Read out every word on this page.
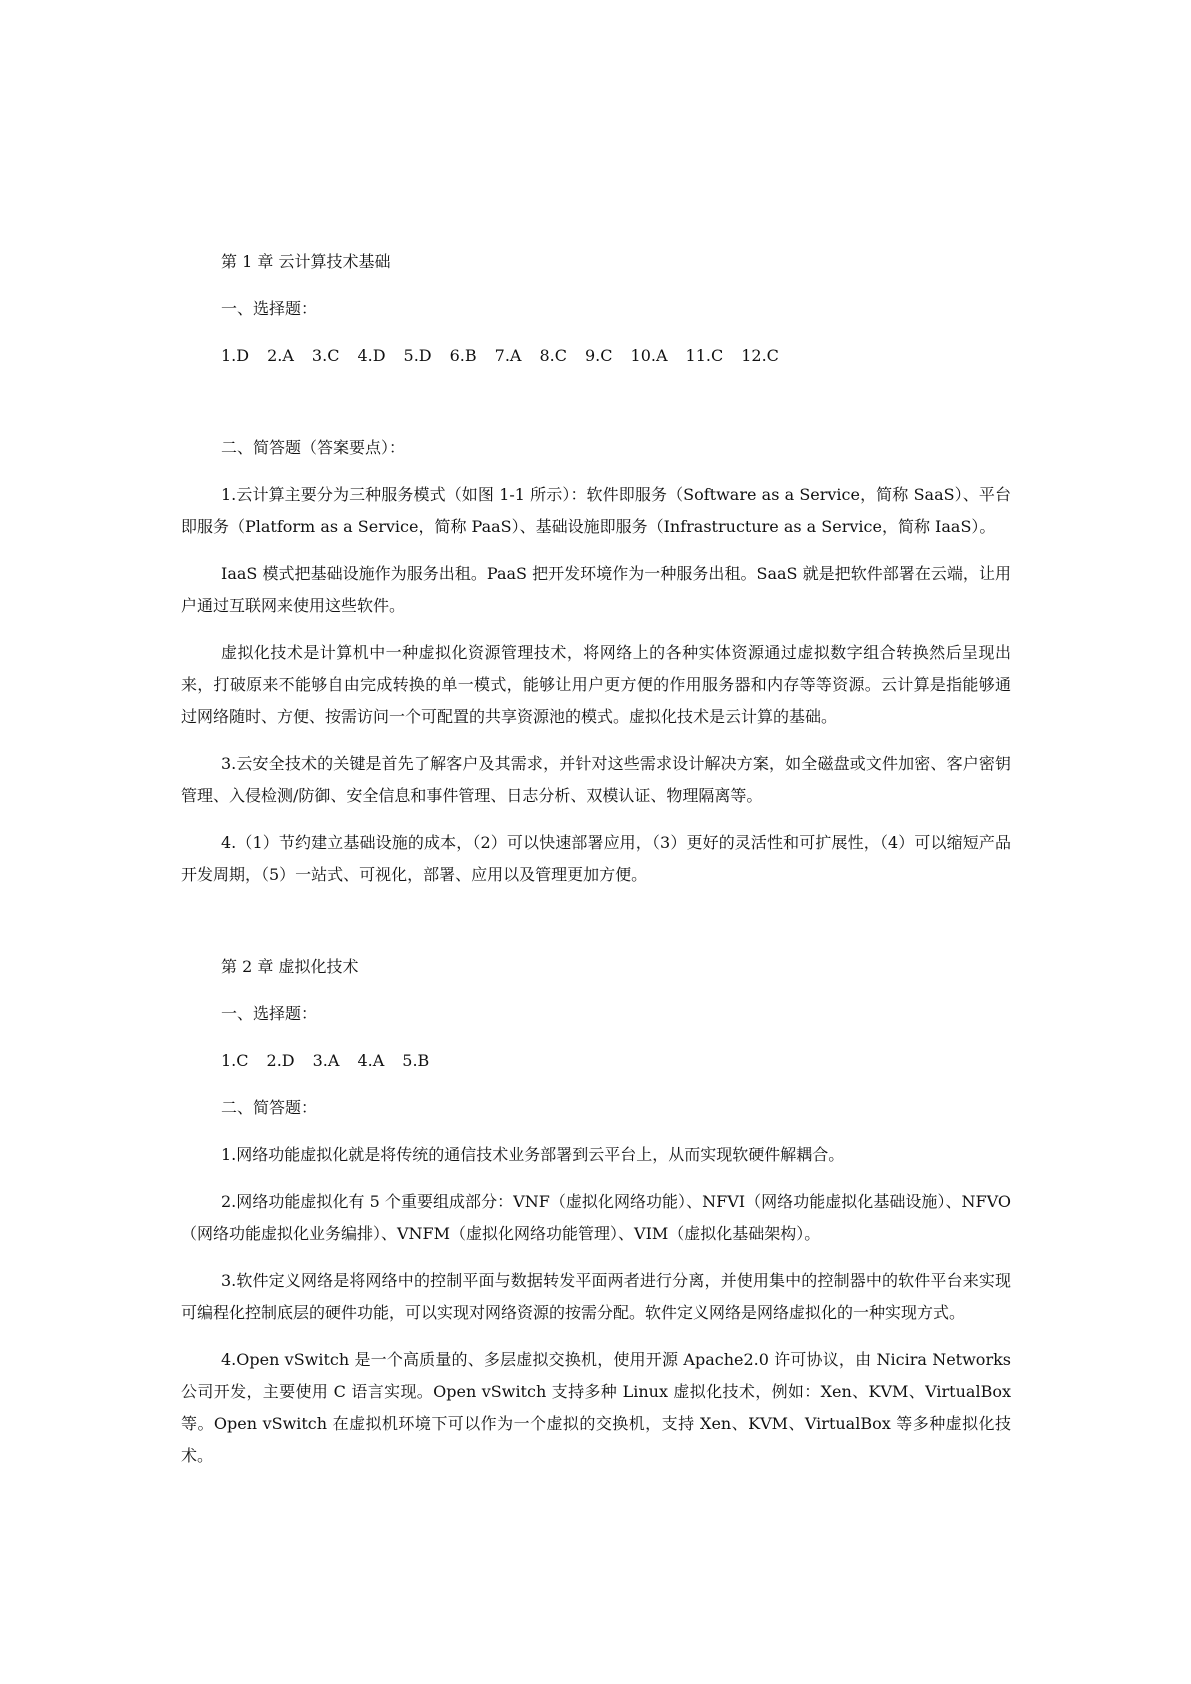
第 1 章 云计算技术基础

一、选择题：

1.D 2.A 3.C 4.D 5.D 6.B 7.A 8.C 9.C 10.A 11.C 12.C

二、简答题（答案要点）：

1.云计算主要分为三种服务模式（如图 1-1 所示）：软件即服务（Software as a Service，简称 SaaS）、平台即服务（Platform as a Service，简称 PaaS）、基础设施即服务（Infrastructure as a Service，简称 IaaS）。

IaaS 模式把基础设施作为服务出租。PaaS 把开发环境作为一种服务出租。SaaS 就是把软件部署在云端，让用户通过互联网来使用这些软件。

虚拟化技术是计算机中一种虚拟化资源管理技术，将网络上的各种实体资源通过虚拟数字组合转换然后呈现出来，打破原来不能够自由完成转换的单一模式，能够让用户更方便的作用服务器和内存等等资源。云计算是指能够通过网络随时、方便、按需访问一个可配置的共享资源池的模式。虚拟化技术是云计算的基础。

3.云安全技术的关键是首先了解客户及其需求，并针对这些需求设计解决方案，如全磁盘或文件加密、客户密钥管理、入侵检测/防御、安全信息和事件管理、日志分析、双模认证、物理隔离等。

4.（1）节约建立基础设施的成本，（2）可以快速部署应用，（3）更好的灵活性和可扩展性，（4）可以缩短产品开发周期，（5）一站式、可视化，部署、应用以及管理更加方便。

第 2 章 虚拟化技术

一、选择题：

1.C 2.D 3.A 4.A 5.B

二、简答题：

1.网络功能虚拟化就是将传统的通信技术业务部署到云平台上，从而实现软硬件解耦合。

2.网络功能虚拟化有 5 个重要组成部分：VNF（虚拟化网络功能）、NFVI（网络功能虚拟化基础设施）、NFVO（网络功能虚拟化业务编排）、VNFM（虚拟化网络功能管理）、VIM（虚拟化基础架构）。

3.软件定义网络是将网络中的控制平面与数据转发平面两者进行分离，并使用集中的控制器中的软件平台来实现可编程化控制底层的硬件功能，可以实现对网络资源的按需分配。软件定义网络是网络虚拟化的一种实现方式。

4.Open vSwitch 是一个高质量的、多层虚拟交换机，使用开源 Apache2.0 许可协议，由 Nicira Networks 公司开发，主要使用 C 语言实现。Open vSwitch 支持多种 Linux 虚拟化技术，例如：Xen、KVM、VirtualBox 等。Open vSwitch 在虚拟机环境下可以作为一个虚拟的交换机，支持 Xen、KVM、VirtualBox 等多种虚拟化技术。
